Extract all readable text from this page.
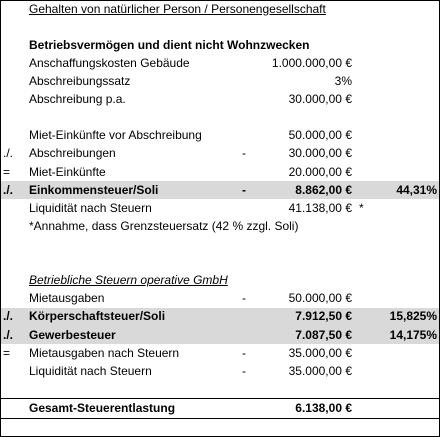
	Gehalten von natürlicher Person / Personengesellschaft				

	Betriebsvermögen und dient nicht Wohnzwecken				
	Anschaffungskosten Gebäude		1.000.000,00 €		
	Abschreibungssatz		3%		
	Abschreibung p.a.		30.000,00 €		

	Miet-Einkünfte vor Abschreibung		50.000,00 €		
./.	Abschreibungen	-	30.000,00 €		
=	Miet-Einkünfte		20.000,00 €		
./.	Einkommensteuer/Soli	-	8.862,00 €		44,31%
	Liquidität nach Steuern		41.138,00 €	*	
	*Annahme, dass Grenzsteuersatz (42 % zzgl. Soli)				

	Betriebliche Steuern operative GmbH				
	Mietausgaben	-	50.000,00 €		
./.	Körperschaftsteuer/Soli		7.912,50 €		15,825%
./.	Gewerbesteuer		7.087,50 €		14,175%
=	Mietausgaben nach Steuern	-	35.000,00 €		
	Liquidität nach Steuern	-	35.000,00 €		

	Gesamt-Steuerentlastung		6.138,00 €		
